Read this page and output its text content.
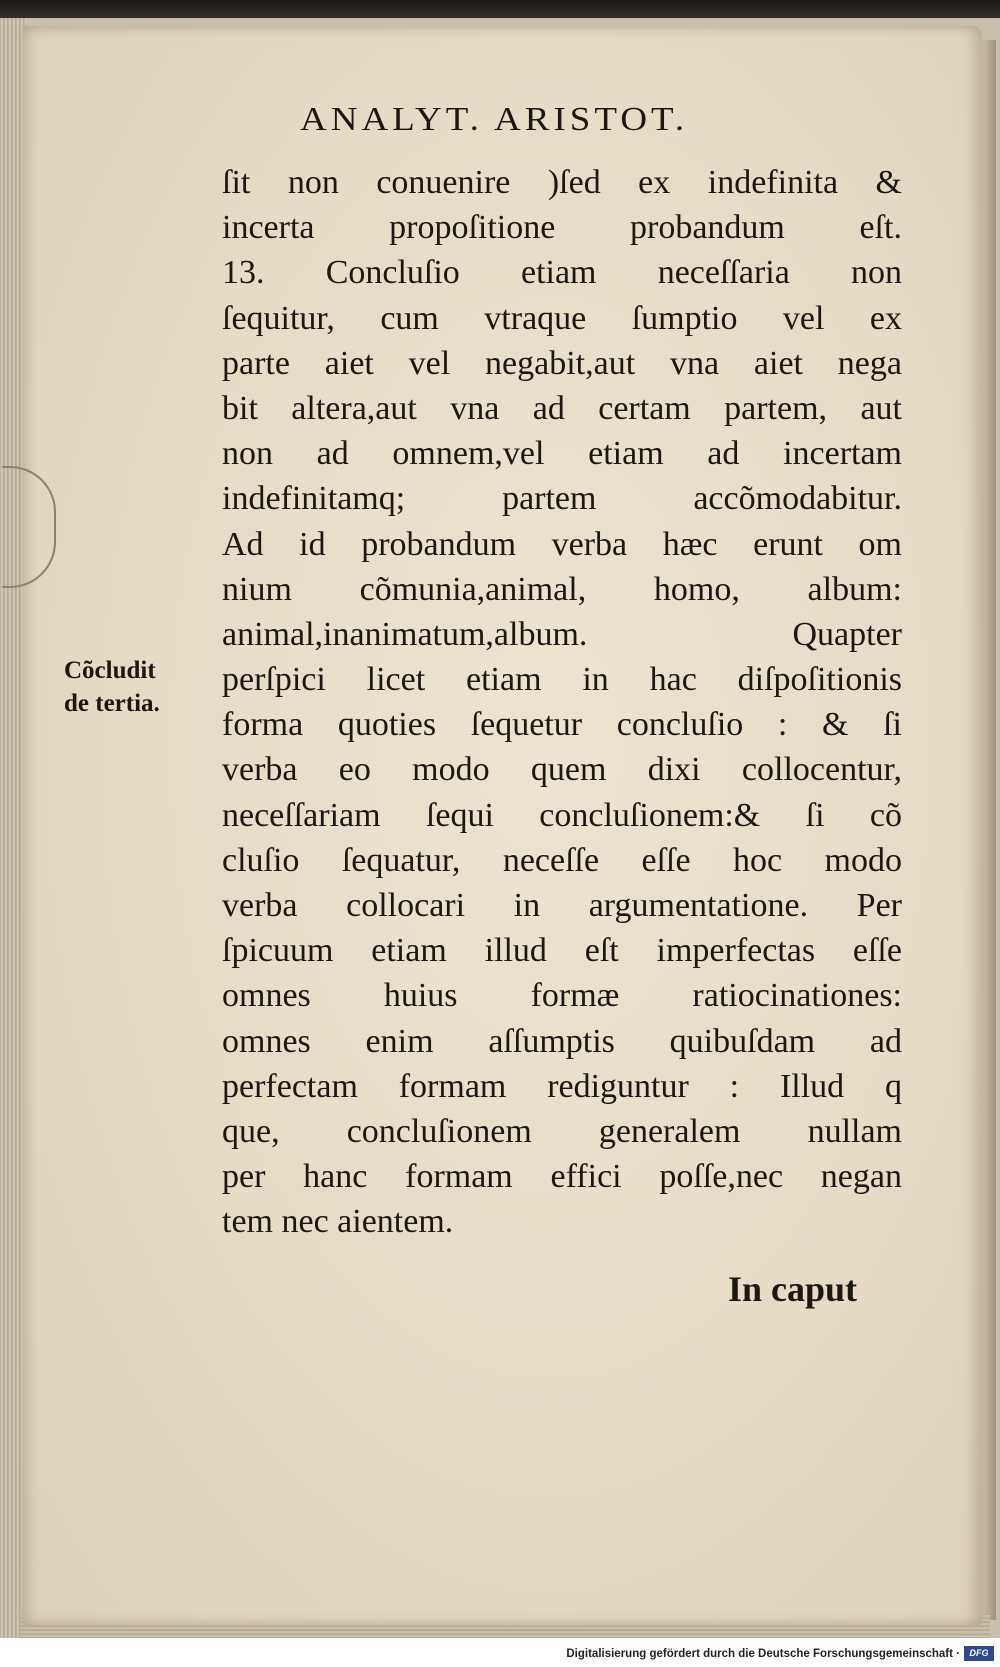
ANALYT. ARISTOT.
Cõcludit
de tertia.
ſit non conuenire )ſed ex indefinita &
incerta propoſitione probandum eſt.
13. Concluſio etiam neceſſaria non
ſequitur, cum vtraque ſumptio vel ex
parte aiet vel negabit,aut vna aiet nega
bit altera,aut vna ad certam partem, aut
non ad omnem,vel etiam ad incertam
indefinitamq; partem accõmodabitur.
Ad id probandum verba hæc erunt om
nium cõmunia,animal, homo, album:
animal,inanimatum,album. Quapter
perſpici licet etiam in hac diſpoſitionis
forma quoties ſequetur concluſio : & ſi
verba eo modo quem dixi collocentur,
neceſſariam ſequi concluſionem:& ſi cõ
cluſio ſequatur, neceſſe eſſe hoc modo
verba collocari in argumentatione. Per
ſpicuum etiam illud eſt imperfectas eſſe
omnes huius formæ ratiocinationes:
omnes enim aſſumptis quibuſdam ad
perfectam formam rediguntur : Illud q
que, concluſionem generalem nullam
per hanc formam effici poſſe,nec negan
tem nec aientem.
In caput
Digitalisierung gefördert durch die Deutsche Forschungsgemeinschaft ·	DFG
